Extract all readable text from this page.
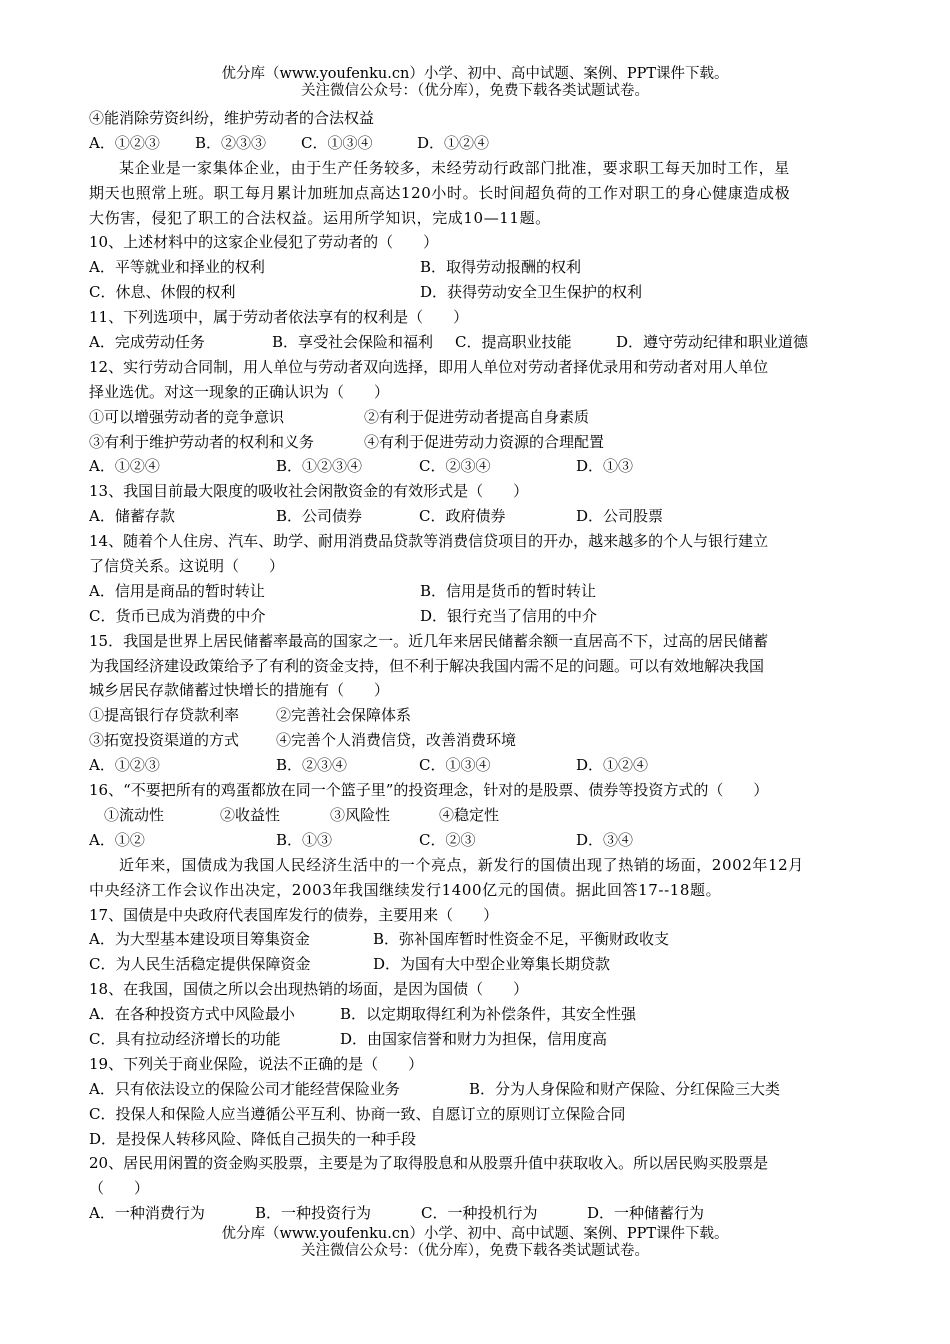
优分库（www.youfenku.cn）小学、初中、高中试题、案例、PPT课件下载。
关注微信公众号：（优分库），免费下载各类试题试卷。
④能消除劳资纠纷，维护劳动者的合法权益
A．①②③	B．②③③	C．①③④	D．①②④
某企业是一家集体企业，由于生产任务较多，未经劳动行政部门批准，要求职工每天加时工作，星
期天也照常上班。职工每月累计加班加点高达120小时。长时间超负荷的工作对职工的身心健康造成极
大伤害，侵犯了职工的合法权益。运用所学知识，完成10—11题。
10、上述材料中的这家企业侵犯了劳动者的（　　）
A．平等就业和择业的权利	B．取得劳动报酬的权利
C．休息、休假的权利	D．获得劳动安全卫生保护的权利
11、下列选项中，属于劳动者依法享有的权利是（　　）
A．完成劳动任务	B．享受社会保险和福利	C．提高职业技能	D．遵守劳动纪律和职业道德
12、实行劳动合同制，用人单位与劳动者双向选择，即用人单位对劳动者择优录用和劳动者对用人单位
择业选优。对这一现象的正确认识为（　　）
①可以增强劳动者的竞争意识	②有利于促进劳动者提高自身素质
③有利于维护劳动者的权利和义务	④有利于促进劳动力资源的合理配置
A．①②④	B．①②③④	C．②③④	D．①③
13、我国目前最大限度的吸收社会闲散资金的有效形式是（　　）
A．储蓄存款	B．公司债券	C．政府债券	D．公司股票
14、随着个人住房、汽车、助学、耐用消费品贷款等消费信贷项目的开办，越来越多的个人与银行建立
了信贷关系。这说明（　　）
A．信用是商品的暂时转让	B．信用是货币的暂时转让
C．货币已成为消费的中介	D．银行充当了信用的中介
15．我国是世界上居民储蓄率最高的国家之一。近几年来居民储蓄余额一直居高不下，过高的居民储蓄
为我国经济建设政策给予了有利的资金支持，但不利于解决我国内需不足的问题。可以有效地解决我国
城乡居民存款储蓄过快增长的措施有（　　）
①提高银行存贷款利率	②完善社会保障体系
③拓宽投资渠道的方式	④完善个人消费信贷，改善消费环境
A．①②③	B．②③④	C．①③④	D．①②④
16、“不要把所有的鸡蛋都放在同一个篮子里”的投资理念，针对的是股票、债券等投资方式的（　　）
①流动性	②收益性	③风险性	④稳定性
A．①②	B．①③	C．②③	D．③④
近年来，国债成为我国人民经济生活中的一个亮点，新发行的国债出现了热销的场面，2002年12月
中央经济工作会议作出决定，2003年我国继续发行1400亿元的国债。据此回答17--18题。
17、国债是中央政府代表国库发行的债券，主要用来（　　）
A．为大型基本建设项目筹集资金	B．弥补国库暂时性资金不足，平衡财政收支
C．为人民生活稳定提供保障资金	D．为国有大中型企业筹集长期贷款
18、在我国，国债之所以会出现热销的场面，是因为国债（　　）
A．在各种投资方式中风险最小	B．以定期取得红利为补偿条件，其安全性强
C．具有拉动经济增长的功能	D．由国家信誉和财力为担保，信用度高
19、下列关于商业保险，说法不正确的是（　　）
A．只有依法设立的保险公司才能经营保险业务	B．分为人身保险和财产保险、分红保险三大类
C．投保人和保险人应当遵循公平互利、协商一致、自愿订立的原则订立保险合同
D．是投保人转移风险、降低自己损失的一种手段
20、居民用闲置的资金购买股票，主要是为了取得股息和从股票升值中获取收入。所以居民购买股票是
（　　）
A．一种消费行为	B．一种投资行为	C．一种投机行为	D．一种储蓄行为
优分库（www.youfenku.cn）小学、初中、高中试题、案例、PPT课件下载。
关注微信公众号：（优分库），免费下载各类试题试卷。
